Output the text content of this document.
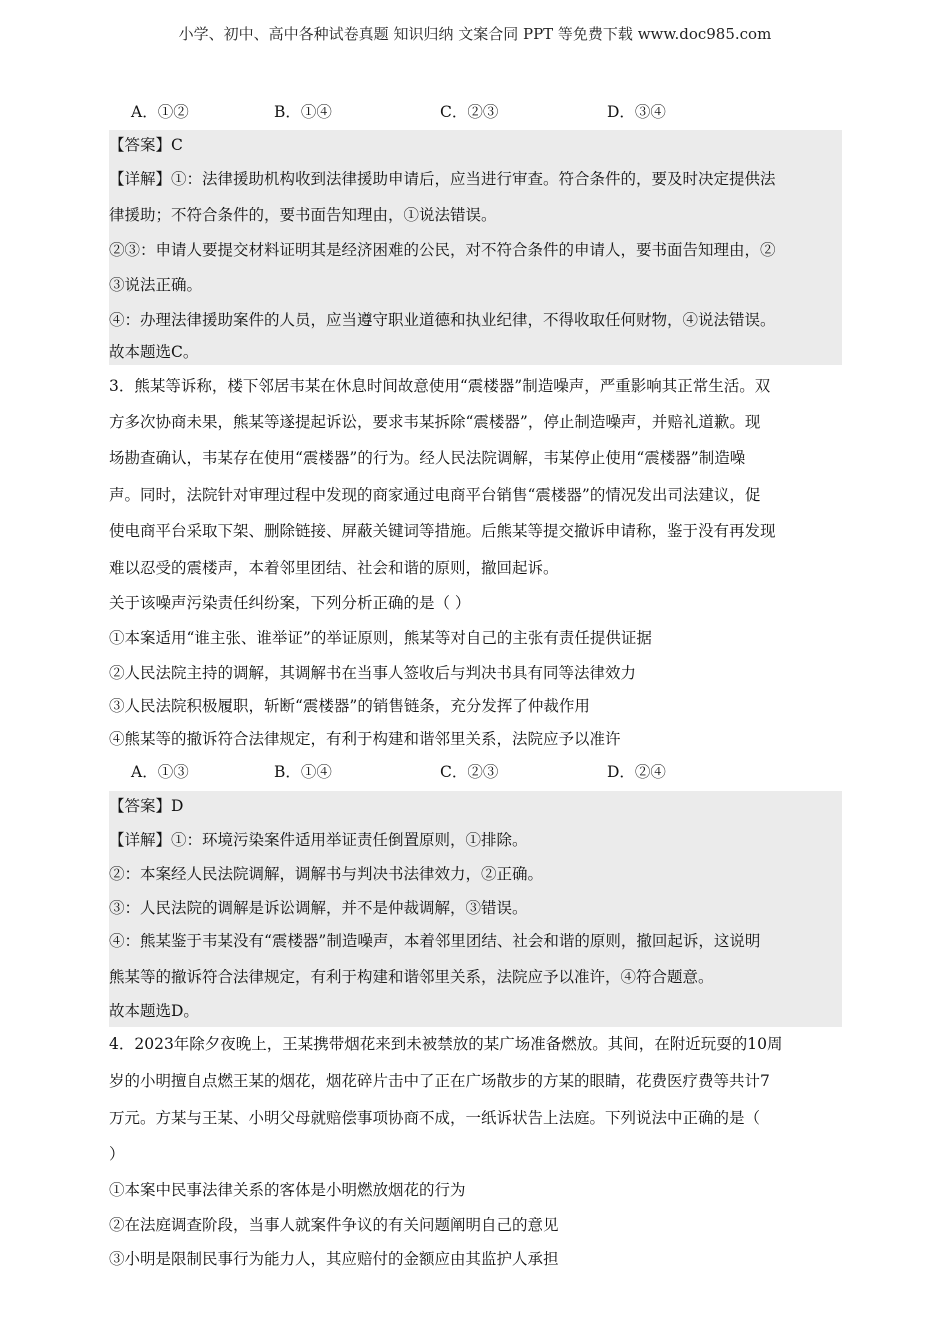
小学、初中、高中各种试卷真题 知识归纳 文案合同 PPT 等免费下载 www.doc985.com
A．①②	B．①④	C．②③	D．③④
【答案】C
【详解】①：法律援助机构收到法律援助申请后，应当进行审查。符合条件的，要及时决定提供法
律援助；不符合条件的，要书面告知理由，①说法错误。
②③：申请人要提交材料证明其是经济困难的公民，对不符合条件的申请人，要书面告知理由，②
③说法正确。
④：办理法律援助案件的人员，应当遵守职业道德和执业纪律，不得收取任何财物，④说法错误。
故本题选C。
3．熊某等诉称，楼下邻居韦某在休息时间故意使用“震楼器”制造噪声，严重影响其正常生活。双
方多次协商未果，熊某等遂提起诉讼，要求韦某拆除“震楼器”，停止制造噪声，并赔礼道歉。现
场勘查确认，韦某存在使用“震楼器”的行为。经人民法院调解，韦某停止使用“震楼器”制造噪
声。同时，法院针对审理过程中发现的商家通过电商平台销售“震楼器”的情况发出司法建议，促
使电商平台采取下架、删除链接、屏蔽关键词等措施。后熊某等提交撤诉申请称，鉴于没有再发现
难以忍受的震楼声，本着邻里团结、社会和谐的原则，撤回起诉。
关于该噪声污染责任纠纷案，下列分析正确的是（ ）
①本案适用“谁主张、谁举证”的举证原则，熊某等对自己的主张有责任提供证据
②人民法院主持的调解，其调解书在当事人签收后与判决书具有同等法律效力
③人民法院积极履职，斩断“震楼器”的销售链条，充分发挥了仲裁作用
④熊某等的撤诉符合法律规定，有利于构建和谐邻里关系，法院应予以准许
A．①③	B．①④	C．②③	D．②④
【答案】D
【详解】①：环境污染案件适用举证责任倒置原则，①排除。
②：本案经人民法院调解，调解书与判决书法律效力，②正确。
③：人民法院的调解是诉讼调解，并不是仲裁调解，③错误。
④：熊某鉴于韦某没有“震楼器”制造噪声，本着邻里团结、社会和谐的原则，撤回起诉，这说明
熊某等的撤诉符合法律规定，有利于构建和谐邻里关系，法院应予以准许，④符合题意。
故本题选D。
4．2023年除夕夜晚上，王某携带烟花来到未被禁放的某广场准备燃放。其间，在附近玩耍的10周
岁的小明擅自点燃王某的烟花，烟花碎片击中了正在广场散步的方某的眼睛，花费医疗费等共计7
万元。方某与王某、小明父母就赔偿事项协商不成，一纸诉状告上法庭。下列说法中正确的是（
）
①本案中民事法律关系的客体是小明燃放烟花的行为
②在法庭调查阶段，当事人就案件争议的有关问题阐明自己的意见
③小明是限制民事行为能力人，其应赔付的金额应由其监护人承担
